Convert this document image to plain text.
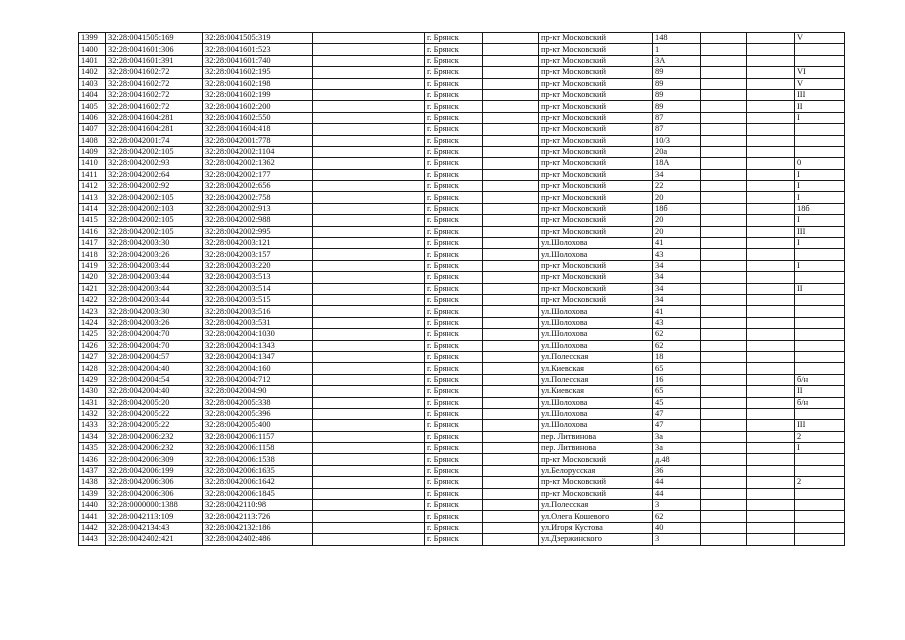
1399	32:28:0041505:169	32:28:0041505:319		г. Брянск		пр-кт Московский	148			V
1400	32:28:0041601:306	32:28:0041601:523		г. Брянск		пр-кт Московский	1			
1401	32:28:0041601:391	32:28:0041601:740		г. Брянск		пр-кт Московский	3А			
1402	32:28:0041602:72	32:28:0041602:195		г. Брянск		пр-кт Московский	89			VI
1403	32:28:0041602:72	32:28:0041602:198		г. Брянск		пр-кт Московский	89			V
1404	32:28:0041602:72	32:28:0041602:199		г. Брянск		пр-кт Московский	89			III
1405	32:28:0041602:72	32:28:0041602:200		г. Брянск		пр-кт Московский	89			II
1406	32:28:0041604:281	32:28:0041602:550		г. Брянск		пр-кт Московский	87			I
1407	32:28:0041604:281	32:28:0041604:418		г. Брянск		пр-кт Московский	87			
1408	32:28:0042001:74	32:28:0042001:778		г. Брянск		пр-кт Московский	10/3			
1409	32:28:0042002:105	32:28:0042002:1104		г. Брянск		пр-кт Московский	20а			
1410	32:28:0042002:93	32:28:0042002:1362		г. Брянск		пр-кт Московский	18А			0
1411	32:28:0042002:64	32:28:0042002:177		г. Брянск		пр-кт Московский	34			I
1412	32:28:0042002:92	32:28:0042002:656		г. Брянск		пр-кт Московский	22			I
1413	32:28:0042002:105	32:28:0042002:758		г. Брянск		пр-кт Московский	20			I
1414	32:28:0042002:103	32:28:0042002:913		г. Брянск		пр-кт Московский	18б			18б
1415	32:28:0042002:105	32:28:0042002:988		г. Брянск		пр-кт Московский	20			I
1416	32:28:0042002:105	32:28:0042002:995		г. Брянск		пр-кт Московский	20			III
1417	32:28:0042003:30	32:28:0042003:121		г. Брянск		ул.Шолохова	41			I
1418	32:28:0042003:26	32:28:0042003:157		г. Брянск		ул.Шолохова	43			
1419	32:28:0042003:44	32:28:0042003:220		г. Брянск		пр-кт Московский	34			I
1420	32:28:0042003:44	32:28:0042003:513		г. Брянск		пр-кт Московский	34			
1421	32:28:0042003:44	32:28:0042003:514		г. Брянск		пр-кт Московский	34			II
1422	32:28:0042003:44	32:28:0042003:515		г. Брянск		пр-кт Московский	34			
1423	32:28:0042003:30	32:28:0042003:516		г. Брянск		ул.Шолохова	41			
1424	32:28:0042003:26	32:28:0042003:531		г. Брянск		ул.Шолохова	43			
1425	32:28:0042004:70	32:28:0042004:1030		г. Брянск		ул.Шолохова	62			
1426	32:28:0042004:70	32:28:0042004:1343		г. Брянск		ул.Шолохова	62			
1427	32:28:0042004:57	32:28:0042004:1347		г. Брянск		ул.Полесская	18			
1428	32:28:0042004:40	32:28:0042004:160		г. Брянск		ул.Киевская	65			
1429	32:28:0042004:54	32:28:0042004:712		г. Брянск		ул.Полесская	16			б/н
1430	32:28:0042004:40	32:28:0042004:90		г. Брянск		ул.Киевская	65			II
1431	32:28:0042005:20	32:28:0042005:338		г. Брянск		ул.Шолохова	45			б/н
1432	32:28:0042005:22	32:28:0042005:396		г. Брянск		ул.Шолохова	47			
1433	32:28:0042005:22	32:28:0042005:400		г. Брянск		ул.Шолохова	47			III
1434	32:28:0042006:232	32:28:0042006:1157		г. Брянск		пер. Литвинова	3а			2
1435	32:28:0042006:232	32:28:0042006:1158		г. Брянск		пер. Литвинова	3а			I
1436	32:28:0042006:309	32:28:0042006:1538		г. Брянск		пр-кт Московский	д.48			
1437	32:28:0042006:199	32:28:0042006:1635		г. Брянск		ул.Белорусская	36			
1438	32:28:0042006:306	32:28:0042006:1642		г. Брянск		пр-кт Московский	44			2
1439	32:28:0042006:306	32:28:0042006:1845		г. Брянск		пр-кт Московский	44			
1440	32:28:0000000:1388	32:28:0042110:98		г. Брянск		ул.Полесская	3			
1441	32:28:0042113:109	32:28:0042113:726		г. Брянск		ул.Олега Кошевого	62			
1442	32:28:0042134:43	32:28:0042132:186		г. Брянск		ул.Игоря Кустова	40			
1443	32:28:0042402:421	32:28:0042402:486		г. Брянск		ул.Дзержинского	3			
